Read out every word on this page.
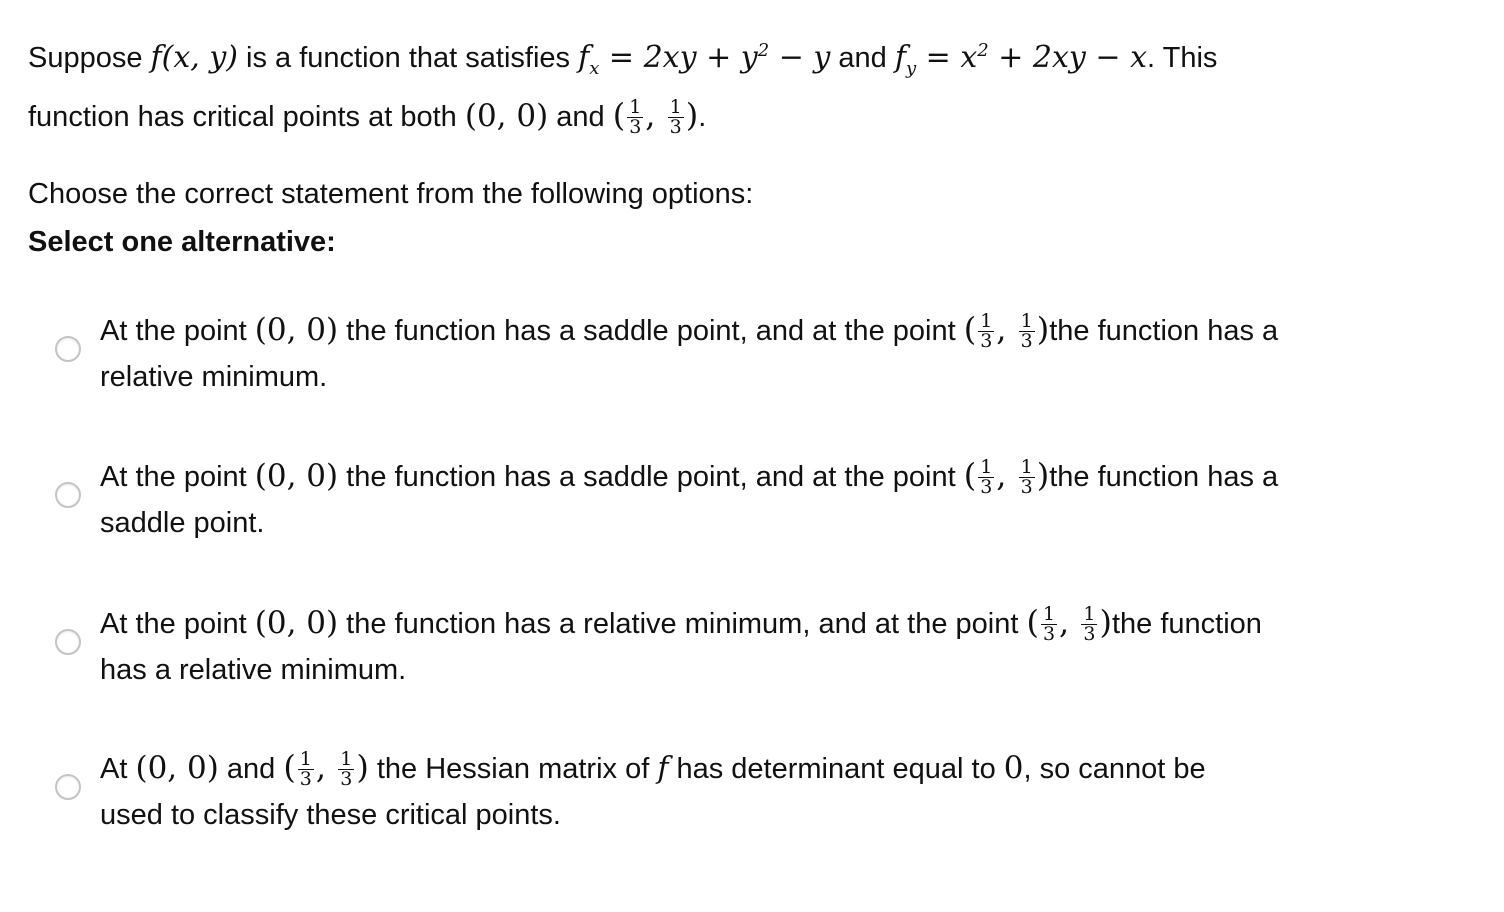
Suppose f(x, y) is a function that satisfies $f_x = 2xy + y^2 - y$ and $f_y = x^2 + 2xy - x$. This
function has critical points at both (0, 0) and ( $\frac{1}{3}$ , $\frac{1}{3}$ ).
Choose the correct statement from the following options:
Select one alternative:
At the point (0, 0) the function has a saddle point, and at the point ( $\frac{1}{3}$ , $\frac{1}{3} )the$ function has a
relative minimum.
At the point (0, 0) the function has a saddle point, and at the point ( $\frac{1}{3}$ , $\frac{1}{3} )the$ function has a
saddle point.
At the point (0, 0) the function has a relative minimum, and at the point ( $\frac{1}{3}$ , $\frac{1}{3} )the$ function
has a relative minimum.
At (0, 0) and ( $\frac{1}{3}$ , $\frac{1}{3}$ ) the Hessian matrix of f has determinant equal to 0, so cannot be
used to classify these critical points.
